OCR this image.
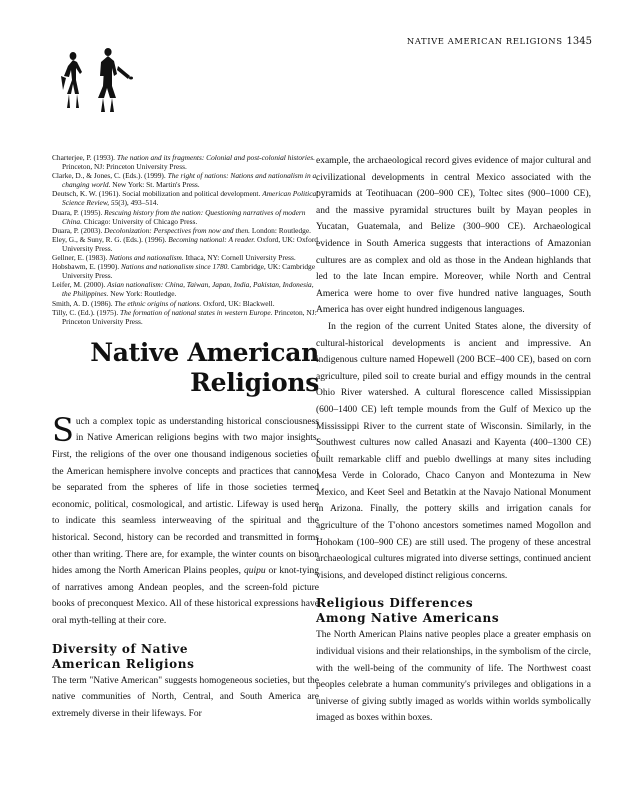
NATIVE AMERICAN RELIGIONS 1345

Charterjee, P. (1993). The nation and its fragments: Colonial and post-colonial histories. Princeton, NJ: Princeton University Press.

Clarke, D., & Jones, C. (Eds.). (1999). The right of nations: Nations and nationalism in a changing world. New York: St. Martin's Press.

Deutsch, K. W. (1961). Social mobilization and political development. American Political Science Review, 55(3), 493–514.

Duara, P. (1995). Rescuing history from the nation: Questioning narratives of modern China. Chicago: University of Chicago Press.

Duara, P. (2003). Decolonization: Perspectives from now and then. London: Routledge.

Eley, G., & Suny, R. G. (Eds.). (1996). Becoming national: A reader. Oxford, UK: Oxford University Press.

Gellner, E. (1983). Nations and nationalism. Ithaca, NY: Cornell University Press.

Hobsbawm, E. (1990). Nations and nationalism since 1780. Cambridge, UK: Cambridge University Press.

Leifer, M. (2000). Asian nationalism: China, Taiwan, Japan, India, Pakistan, Indonesia, the Philippines. New York: Routledge.

Smith, A. D. (1986). The ethnic origins of nations. Oxford, UK: Blackwell.

Tilly, C. (Ed.). (1975). The formation of national states in western Europe. Princeton, NJ: Princeton University Press.

Native American
Religions

Such a complex topic as understanding historical consciousness in Native American religions begins with two major insights. First, the religions of the over one thousand indigenous societies of the American hemisphere involve concepts and practices that cannot be separated from the spheres of life in those societies termed economic, political, cosmological, and artistic. Lifeway is used here to indicate this seamless interweaving of the spiritual and the historical. Second, history can be recorded and transmitted in forms other than writing. There are, for example, the winter counts on bison hides among the North American Plains peoples, quipu or knot-tying of narratives among Andean peoples, and the screen-fold picture books of preconquest Mexico. All of these historical expressions have oral myth-telling at their core.

Diversity of Native
American Religions

The term "Native American" suggests homogeneous societies, but the native communities of North, Central, and South America are extremely diverse in their lifeways. For

example, the archaeological record gives evidence of major cultural and civilizational developments in central Mexico associated with the pyramids at Teotihuacan (200–900 CE), Toltec sites (900–1000 CE), and the massive pyramidal structures built by Mayan peoples in Yucatan, Guatemala, and Belize (300–900 CE). Archaeological evidence in South America suggests that interactions of Amazonian cultures are as complex and old as those in the Andean highlands that led to the late Incan empire. Moreover, while North and Central America were home to over five hundred native languages, South America has over eight hundred indigenous languages.

In the region of the current United States alone, the diversity of cultural-historical developments is ancient and impressive. An indigenous culture named Hopewell (200 BCE–400 CE), based on corn agriculture, piled soil to create burial and effigy mounds in the central Ohio River watershed. A cultural florescence called Mississippian (600–1400 CE) left temple mounds from the Gulf of Mexico up the Mississippi River to the current state of Wisconsin. Similarly, in the Southwest cultures now called Anasazi and Kayenta (400–1300 CE) built remarkable cliff and pueblo dwellings at many sites including Mesa Verde in Colorado, Chaco Canyon and Montezuma in New Mexico, and Keet Seel and Betatkin at the Navajo National Monument in Arizona. Finally, the pottery skills and irrigation canals for agriculture of the T'ohono ancestors sometimes named Mogollon and Hohokam (100–900 CE) are still used. The progeny of these ancestral archaeological cultures migrated into diverse settings, continued ancient visions, and developed distinct religious concerns.

Religious Differences
Among Native Americans

The North American Plains native peoples place a greater emphasis on individual visions and their relationships, in the symbolism of the circle, with the well-being of the community of life. The Northwest coast peoples celebrate a human community's privileges and obligations in a universe of giving subtly imaged as worlds within worlds symbolically imaged as boxes within boxes.
